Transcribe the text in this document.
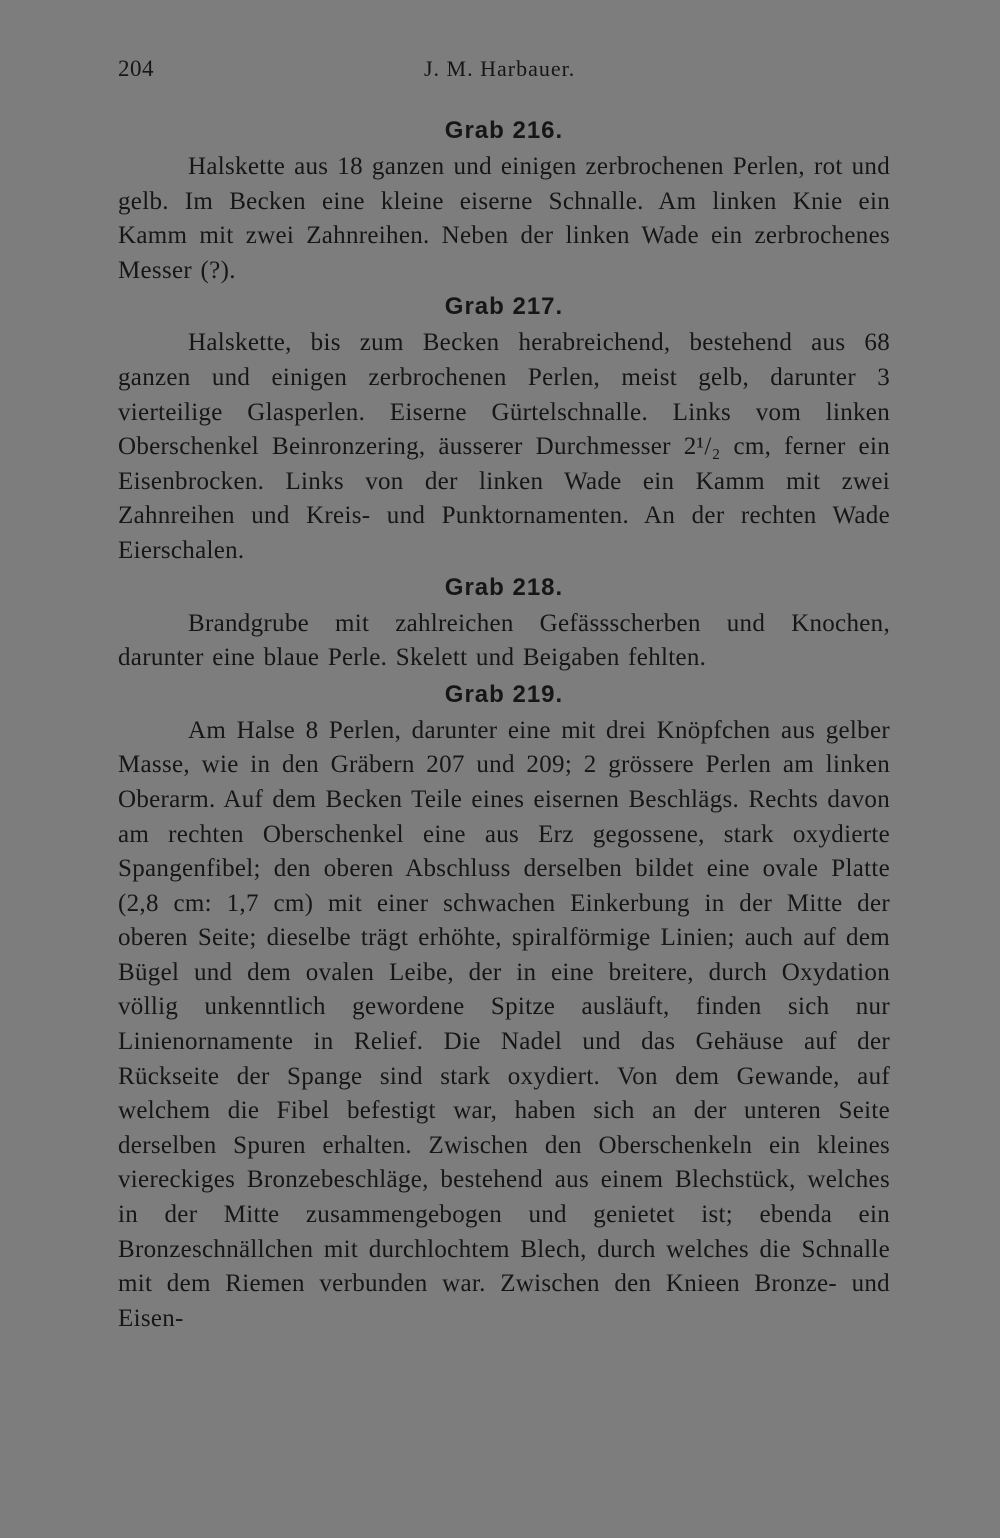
204	J. M. Harbauer.
Grab 216.

Halskette aus 18 ganzen und einigen zerbrochenen Perlen, rot und gelb. Im Becken eine kleine eiserne Schnalle. Am linken Knie ein Kamm mit zwei Zahnreihen. Neben der linken Wade ein zerbrochenes Messer (?).

Grab 217.

Halskette, bis zum Becken herabreichend, bestehend aus 68 ganzen und einigen zerbrochenen Perlen, meist gelb, darunter 3 vierteilige Glasperlen. Eiserne Gürtelschnalle. Links vom linken Oberschenkel Beinronzering, äusserer Durchmesser 2¹/₂ cm, ferner ein Eisenbrocken. Links von der linken Wade ein Kamm mit zwei Zahnreihen und Kreis- und Punktornamenten. An der rechten Wade Eierschalen.

Grab 218.

Brandgrube mit zahlreichen Gefässscherben und Knochen, darunter eine blaue Perle. Skelett und Beigaben fehlten.

Grab 219.

Am Halse 8 Perlen, darunter eine mit drei Knöpfchen aus gelber Masse, wie in den Gräbern 207 und 209; 2 grössere Perlen am linken Oberarm. Auf dem Becken Teile eines eisernen Beschlägs. Rechts davon am rechten Oberschenkel eine aus Erz gegossene, stark oxydierte Spangenfibel; den oberen Abschluss derselben bildet eine ovale Platte (2,8 cm: 1,7 cm) mit einer schwachen Einkerbung in der Mitte der oberen Seite; dieselbe trägt erhöhte, spiralförmige Linien; auch auf dem Bügel und dem ovalen Leibe, der in eine breitere, durch Oxydation völlig unkenntlich gewordene Spitze ausläuft, finden sich nur Linienornamente in Relief. Die Nadel und das Gehäuse auf der Rückseite der Spange sind stark oxydiert. Von dem Gewande, auf welchem die Fibel befestigt war, haben sich an der unteren Seite derselben Spuren erhalten. Zwischen den Oberschenkeln ein kleines viereckiges Bronzebeschläge, bestehend aus einem Blechstück, welches in der Mitte zusammengebogen und genietet ist; ebenda ein Bronzeschnällchen mit durchlochtem Blech, durch welches die Schnalle mit dem Riemen verbunden war. Zwischen den Knieen Bronze- und Eisen-
